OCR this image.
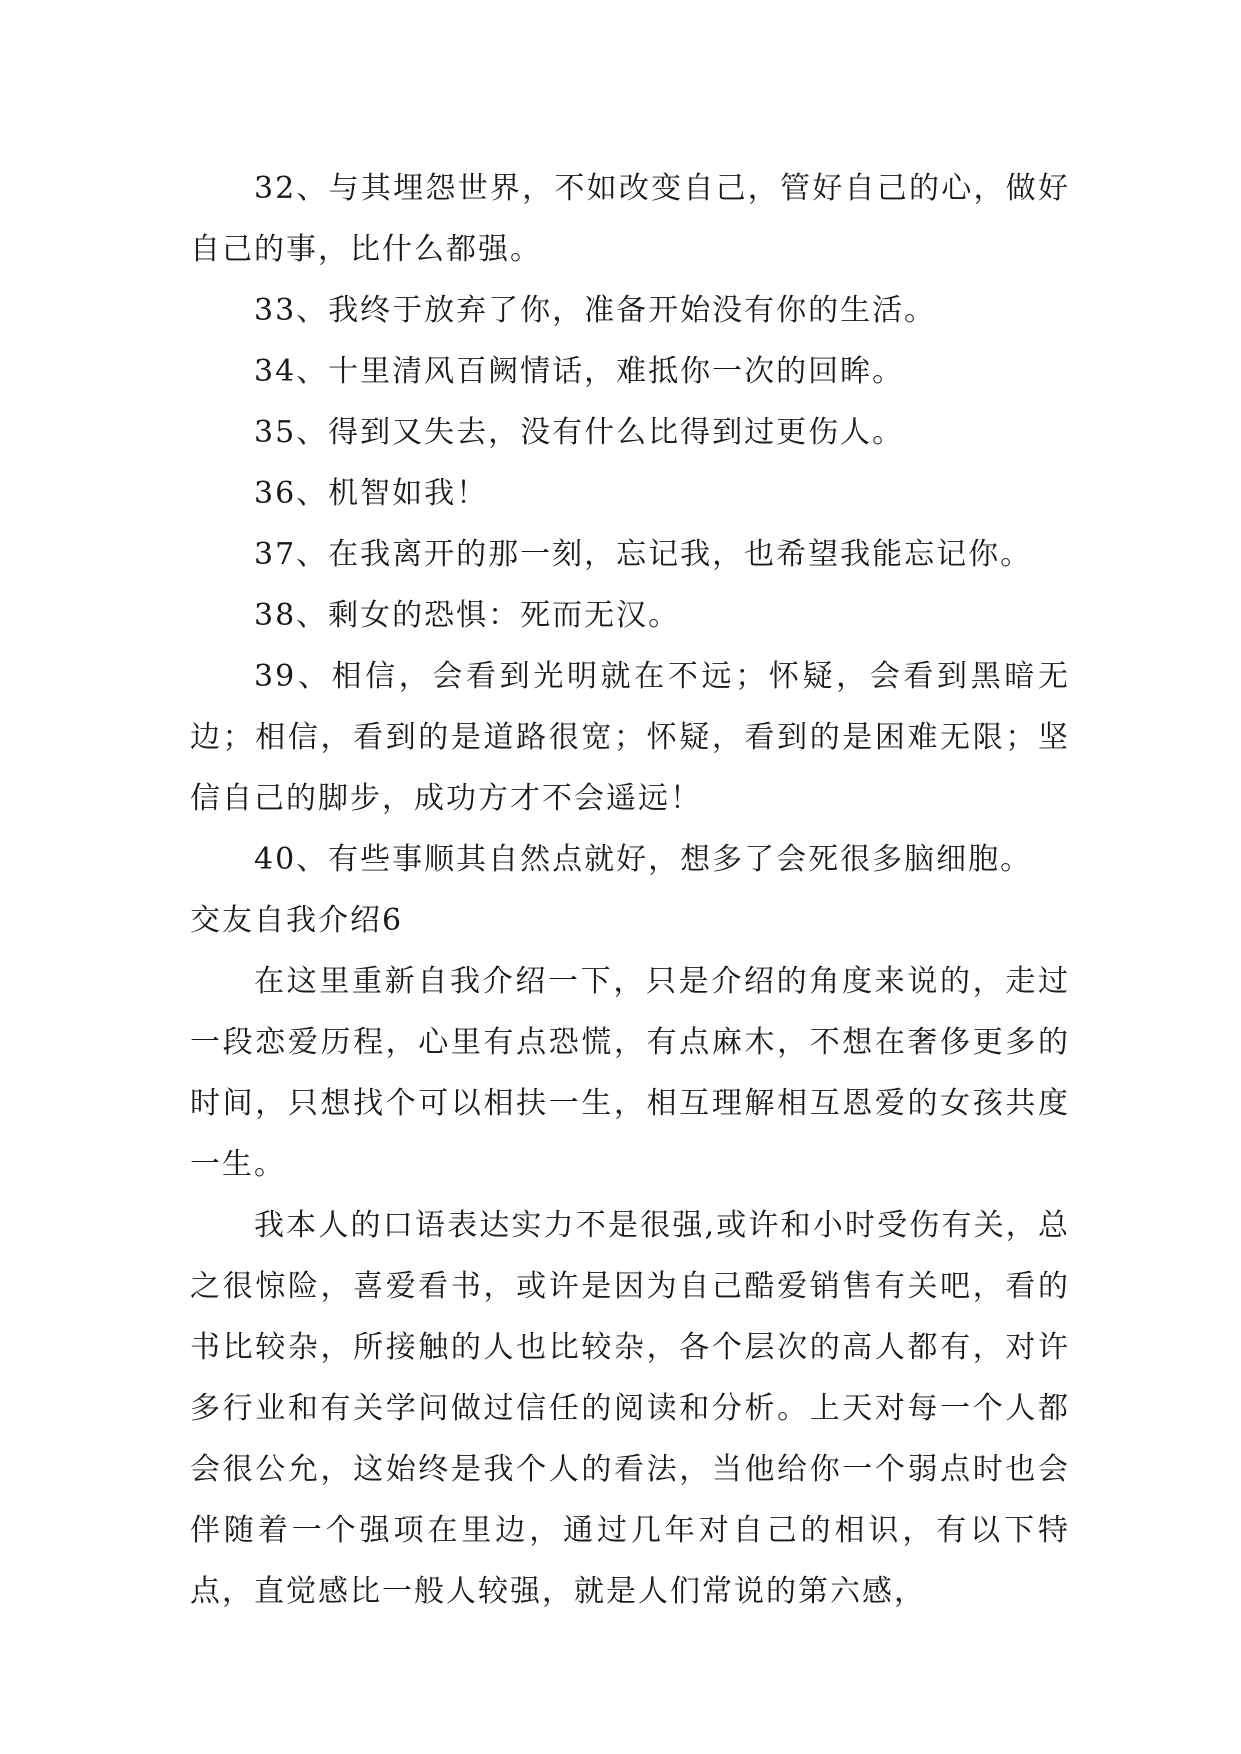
32、与其埋怨世界，不如改变自己，管好自己的心，做好自己的事，比什么都强。

33、我终于放弃了你，准备开始没有你的生活。

34、十里清风百阙情话，难抵你一次的回眸。

35、得到又失去，没有什么比得到过更伤人。

36、机智如我！

37、在我离开的那一刻，忘记我，也希望我能忘记你。

38、剩女的恐惧：死而无汉。

39、相信，会看到光明就在不远；怀疑，会看到黑暗无边；相信，看到的是道路很宽；怀疑，看到的是困难无限；坚信自己的脚步，成功方才不会遥远！

40、有些事顺其自然点就好，想多了会死很多脑细胞。

交友自我介绍6

在这里重新自我介绍一下，只是介绍的角度来说的，走过一段恋爱历程，心里有点恐慌，有点麻木，不想在奢侈更多的时间，只想找个可以相扶一生，相互理解相互恩爱的女孩共度一生。

我本人的口语表达实力不是很强,或许和小时受伤有关，总之很惊险，喜爱看书，或许是因为自己酷爱销售有关吧，看的书比较杂，所接触的人也比较杂，各个层次的高人都有，对许多行业和有关学问做过信任的阅读和分析。上天对每一个人都会很公允，这始终是我个人的看法，当他给你一个弱点时也会伴随着一个强项在里边，通过几年对自己的相识，有以下特点，直觉感比一般人较强，就是人们常说的第六感，
